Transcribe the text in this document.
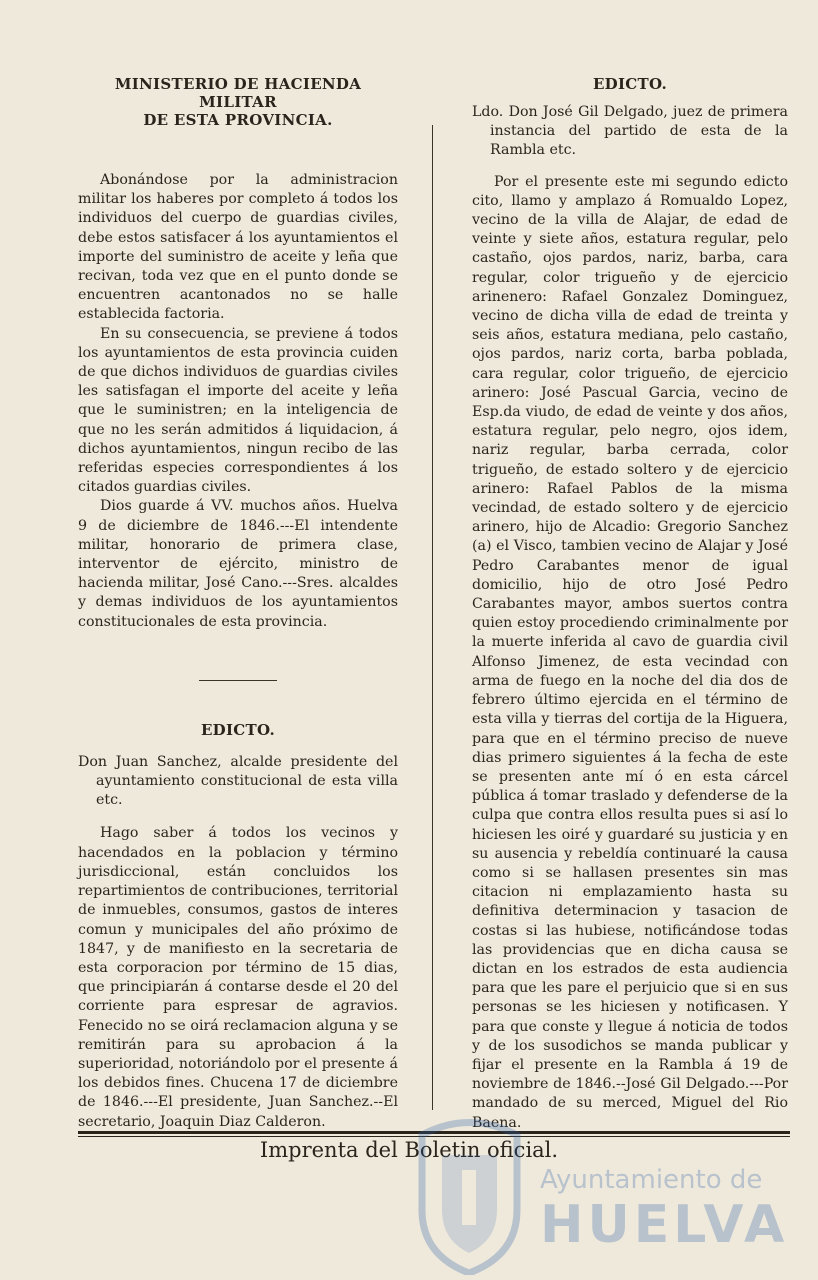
MINISTERIO DE HACIENDA MILITAR
DE ESTA PROVINCIA.

Abonándose por la administracion militar los haberes por completo á todos los individuos del cuerpo de guardias civiles, debe estos satisfacer á los ayuntamientos el importe del suministro de aceite y leña que recivan, toda vez que en el punto donde se encuentren acantonados no se halle establecida factoria.

En su consecuencia, se previene á todos los ayuntamientos de esta provincia cuiden de que dichos individuos de guardias civiles les satisfagan el importe del aceite y leña que le suministren; en la inteligencia de que no les serán admitidos á liquidacion, á dichos ayuntamientos, ningun recibo de las referidas especies correspondientes á los citados guardias civiles.

Dios guarde á VV. muchos años. Huelva 9 de diciembre de 1846.---El intendente militar, honorario de primera clase, interventor de ejército, ministro de hacienda militar, José Cano.---Sres. alcaldes y demas individuos de los ayuntamientos constitucionales de esta provincia.

EDICTO.

Don Juan Sanchez, alcalde presidente del ayuntamiento constitucional de esta villa etc.

Hago saber á todos los vecinos y hacendados en la poblacion y término jurisdiccional, están concluidos los repartimientos de contribuciones, territorial de inmuebles, consumos, gastos de interes comun y municipales del año próximo de 1847, y de manifiesto en la secretaria de esta corporacion por término de 15 dias, que principiarán á contarse desde el 20 del corriente para espresar de agravios. Fenecido no se oirá reclamacion alguna y se remitirán para su aprobacion á la superioridad, notoriándolo por el presente á los debidos fines. Chucena 17 de diciembre de 1846.---El presidente, Juan Sanchez.--El secretario, Joaquin Diaz Calderon.

EDICTO.

Ldo. Don José Gil Delgado, juez de primera instancia del partido de esta de la Rambla etc.

Por el presente este mi segundo edicto cito, llamo y amplazo á Romualdo Lopez, vecino de la villa de Alajar, de edad de veinte y siete años, estatura regular, pelo castaño, ojos pardos, nariz, barba, cara regular, color trigueño y de ejercicio arinenero: Rafael Gonzalez Dominguez, vecino de dicha villa de edad de treinta y seis años, estatura mediana, pelo castaño, ojos pardos, nariz corta, barba poblada, cara regular, color trigueño, de ejercicio arinero: José Pascual Garcia, vecino de Esp.da viudo, de edad de veinte y dos años, estatura regular, pelo negro, ojos idem, nariz regular, barba cerrada, color trigueño, de estado soltero y de ejercicio arinero: Rafael Pablos de la misma vecindad, de estado soltero y de ejercicio arinero, hijo de Alcadio: Gregorio Sanchez (a) el Visco, tambien vecino de Alajar y José Pedro Carabantes menor de igual domicilio, hijo de otro José Pedro Carabantes mayor, ambos suertos contra quien estoy procediendo criminalmente por la muerte inferida al cavo de guardia civil Alfonso Jimenez, de esta vecindad con arma de fuego en la noche del dia dos de febrero último ejercida en el término de esta villa y tierras del cortija de la Higuera, para que en el término preciso de nueve dias primero siguientes á la fecha de este se presenten ante mí ó en esta cárcel pública á tomar traslado y defenderse de la culpa que contra ellos resulta pues si así lo hiciesen les oiré y guardaré su justicia y en su ausencia y rebeldía continuaré la causa como si se hallasen presentes sin mas citacion ni emplazamiento hasta su definitiva determinacion y tasacion de costas si las hubiese, notificándose todas las providencias que en dicha causa se dictan en los estrados de esta audiencia para que les pare el perjuicio que si en sus personas se les hiciesen y notificasen. Y para que conste y llegue á noticia de todos y de los susodichos se manda publicar y fijar el presente en la Rambla á 19 de noviembre de 1846.--José Gil Delgado.---Por mandado de su merced, Miguel del Rio Baena.

Imprenta del Boletin oficial.
Ayuntamiento de
HUELVA
